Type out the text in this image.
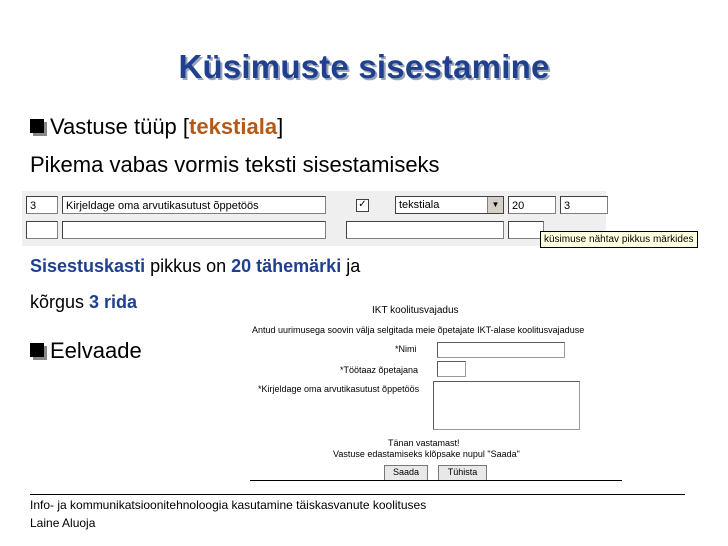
Küsimuste sisestamine
Vastuse tüüp [tekstiala]
Pikema vabas vormis teksti sisestamiseks
3	Kirjeldage oma arvutikasutust õppetöös	✓	tekstiala	▼	20	3
küsimuse nähtav pikkus märkides
Sisestuskasti pikkus on 20 tähemärki ja
kõrgus 3 rida
Eelvaade
IKT koolitusvajadus
Antud uurimusega soovin välja selgitada meie õpetajate IKT-alase koolitusvajaduse
*Nimi
*Töötaaz õpetajana
*Kirjeldage oma arvutikasutust õppetöös
Tänan vastamast!
Vastuse edastamiseks klõpsake nupul "Saada"
Saada	Tühista
Info- ja kommunikatsioonitehnoloogia kasutamine täiskasvanute koolituses
Laine Aluoja
